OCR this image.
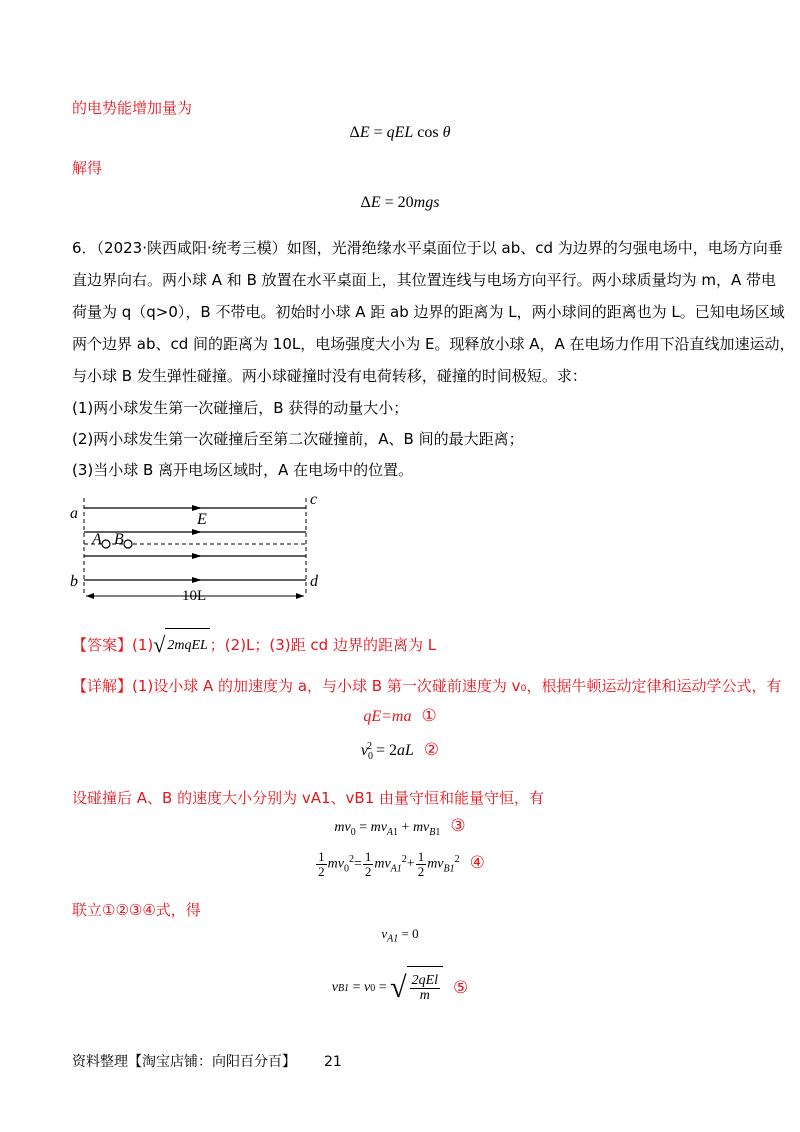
的电势能增加量为
ΔE = qEL cos θ
解得
ΔE = 20mgs
6．（2023·陕西咸阳·统考三模）如图，光滑绝缘水平桌面位于以 ab、cd 为边界的匀强电场中，电场方向垂
直边界向右。两小球 A 和 B 放置在水平桌面上，其位置连线与电场方向平行。两小球质量均为 m，A 带电
荷量为 q（q>0），B 不带电。初始时小球 A 距 ab 边界的距离为 L，两小球间的距离也为 L。已知电场区域
两个边界 ab、cd 间的距离为 10L，电场强度大小为 E。现释放小球 A，A 在电场力作用下沿直线加速运动，
与小球 B 发生弹性碰撞。两小球碰撞时没有电荷转移，碰撞的时间极短。求：
(1)两小球发生第一次碰撞后，B 获得的动量大小；
(2)两小球发生第一次碰撞后至第二次碰撞前，A、B 间的最大距离；
(3)当小球 B 离开电场区域时，A 在电场中的位置。
a
c
E
A B
b	d
10L
【答案】 (1) √ 2mqEL ；(2)L；(3)距 cd 边界的距离为 L
【详解】(1)设小球 A 的加速度为 a，与小球 B 第一次碰前速度为 v₀，根据牛顿运动定律和运动学公式，有
qE=ma ①
$v_0^2 = 2aL$ ②
设碰撞后 A、B 的速度大小分别为 vA1、vB1 由量守恒和能量守恒，有
$mv_0 = mv_{A1} + mv_{B1}$ ③
$\frac{1}{2} mv_0^2= \frac{1}{2} mv_{A1}^2+ \frac{1}{2} mv_{B1}^2$ ④
联立①②③④式，得
$v_{A1} = 0$
v B1 = v 0 = √ $\frac{\text{2qEl}}{m}$ ⑤
资料整理【淘宝店铺：向阳百分百】 21
